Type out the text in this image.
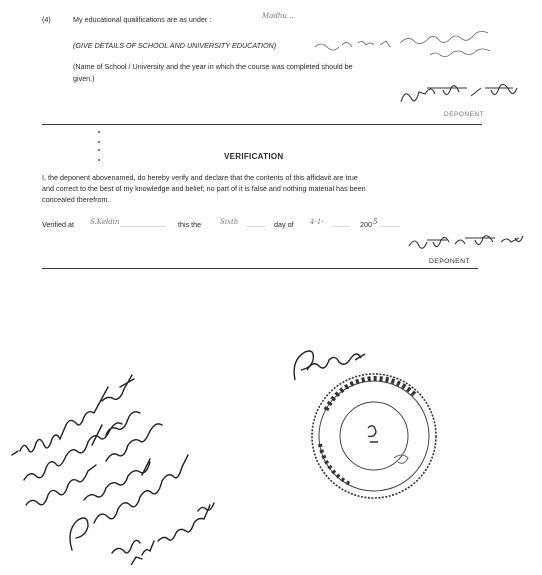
(4)	My educational qualifications are as under :	Madhu...
(GIVE DETAILS OF SCHOOL AND UNIVERSITY EDUCATION)
(Name of School / University and the year in which the course was completed should be
given.)
DEPONENT
VERIFICATION
I, the deponent abovenamed, do hereby verify and declare that the contents of this affidavit are true
and correct to the best of my knowledge and belief; no part of it is false and nothing material has been
concealed therefrom.
Verified at S.Keldin ....................... this the	Sixth .......... day of 4-1- ......... 200 5 ..........
DEPONENT
